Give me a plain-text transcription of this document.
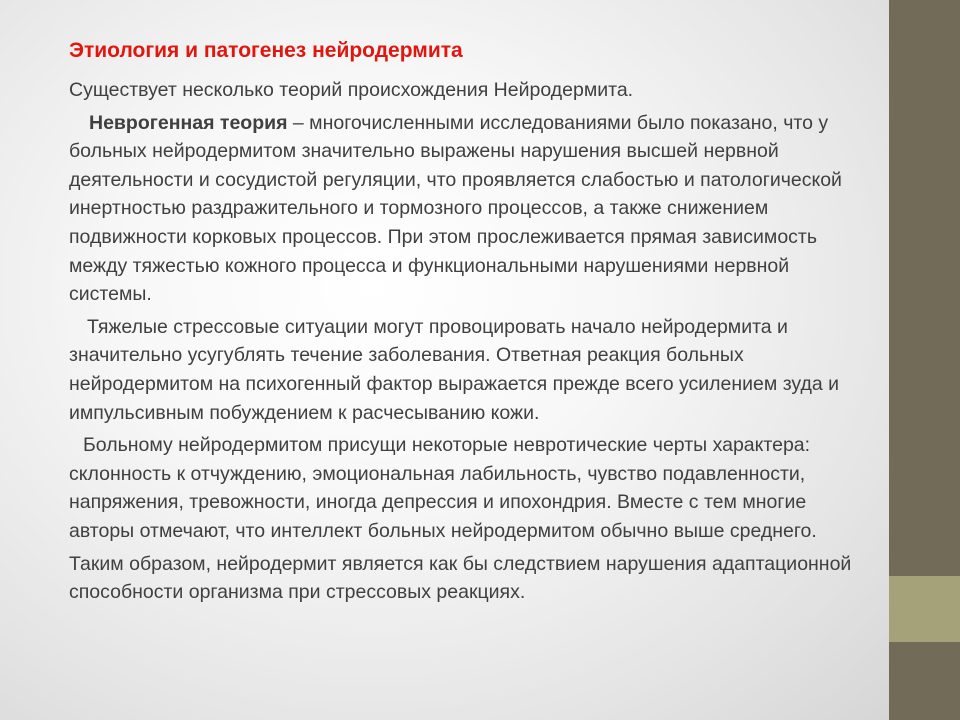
Этиология и патогенез нейродермита

Существует несколько теорий происхождения Нейродермита.

Неврогенная теория – многочисленными исследованиями было показано, что у больных нейродермитом значительно выражены нарушения высшей нервной деятельности и сосудистой регуляции, что проявляется слабостью и патологической инертностью раздражительного и тормозного процессов, а также снижением подвижности корковых процессов. При этом прослеживается прямая зависимость между тяжестью кожного процесса и функциональными нарушениями нервной системы.

Тяжелые стрессовые ситуации могут провоцировать начало нейродермита и значительно усугублять течение заболевания. Ответная реакция больных нейродермитом на психогенный фактор выражается прежде всего усилением зуда и импульсивным побуждением к расчесыванию кожи.

Больному нейродермитом присущи некоторые невротические черты характера: склонность к отчуждению, эмоциональная лабильность, чувство подавленности, напряжения, тревожности, иногда депрессия и ипохондрия. Вместе с тем многие авторы отмечают, что интеллект больных нейродермитом обычно выше среднего.

Таким образом, нейродермит является как бы следствием нарушения адаптационной способности организма при стрессовых реакциях.
